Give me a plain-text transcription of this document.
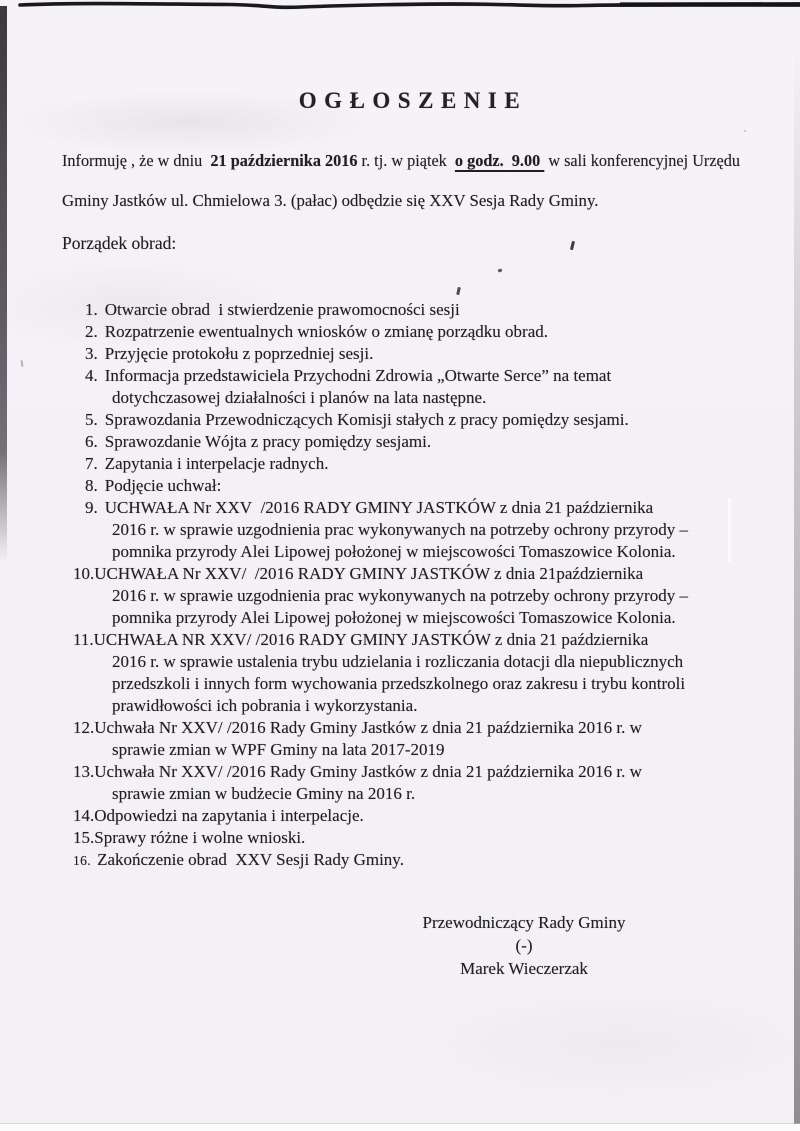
OGŁOSZENIE
Informuję , że w dniu  21 października 2016 r. tj. w piątek  o godz.  9.00  w sali konferencyjnej Urzędu
Gminy Jastków ul. Chmielowa 3. (pałac) odbędzie się XXV Sesja Rady Gminy.
Porządek obrad:
1. Otwarcie obrad  i stwierdzenie prawomocności sesji
2. Rozpatrzenie ewentualnych wniosków o zmianę porządku obrad.
3. Przyjęcie protokołu z poprzedniej sesji.
4. Informacja przedstawiciela Przychodni Zdrowia „Otwarte Serce” na temat
dotychczasowej działalności i planów na lata następne.
5. Sprawozdania Przewodniczących Komisji stałych z pracy pomiędzy sesjami.
6. Sprawozdanie Wójta z pracy pomiędzy sesjami.
7. Zapytania i interpelacje radnych.
8. Podjęcie uchwał:
9. UCHWAŁA Nr XXV  /2016 RADY GMINY JASTKÓW z dnia 21 października
2016 r. w sprawie uzgodnienia prac wykonywanych na potrzeby ochrony przyrody –
pomnika przyrody Alei Lipowej położonej w miejscowości Tomaszowice Kolonia.
10.UCHWAŁA Nr XXV/  /2016 RADY GMINY JASTKÓW z dnia 21października
2016 r. w sprawie uzgodnienia prac wykonywanych na potrzeby ochrony przyrody –
pomnika przyrody Alei Lipowej położonej w miejscowości Tomaszowice Kolonia.
11.UCHWAŁA NR XXV/ /2016 RADY GMINY JASTKÓW z dnia 21 października
2016 r. w sprawie ustalenia trybu udzielania i rozliczania dotacji dla niepublicznych
przedszkoli i innych form wychowania przedszkolnego oraz zakresu i trybu kontroli
prawidłowości ich pobrania i wykorzystania.
12.Uchwała Nr XXV/ /2016 Rady Gminy Jastków z dnia 21 października 2016 r. w
sprawie zmian w WPF Gminy na lata 2017-2019
13.Uchwała Nr XXV/ /2016 Rady Gminy Jastków z dnia 21 października 2016 r. w
sprawie zmian w budżecie Gminy na 2016 r.
14.Odpowiedzi na zapytania i interpelacje.
15.Sprawy różne i wolne wnioski.
16. Zakończenie obrad  XXV Sesji Rady Gminy.
Przewodniczący Rady Gminy
(-)
Marek Wieczerzak
